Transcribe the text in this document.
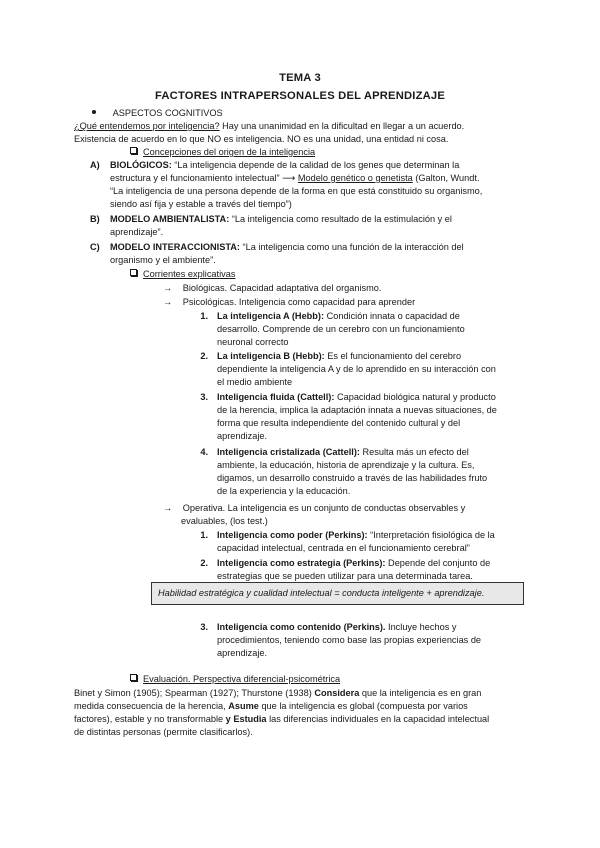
TEMA 3
FACTORES INTRAPERSONALES DEL APRENDIZAJE
ASPECTOS COGNITIVOS
¿Qué entendemos por inteligencia? Hay una unanimidad en la dificultad en llegar a un acuerdo.
Existencia de acuerdo en lo que NO es inteligencia. NO es una unidad, una entidad ni cosa.
Concepciones del origen de la inteligencia
A) BIOLÓGICOS: “La inteligencia depende de la calidad de los genes que determinan la
estructura y el funcionamiento intelectual” ⟶ Modelo genético o genetista (Galton, Wundt.
“La inteligencia de una persona depende de la forma en que está constituido su organismo,
siendo así fija y estable a través del tiempo”)
B) MODELO AMBIENTALISTA: “La inteligencia como resultado de la estimulación y el
aprendizaje”.
C) MODELO INTERACCIONISTA: “La inteligencia como una función de la interacción del
organismo y el ambiente”.
Corrientes explicativas
→ Biológicas. Capacidad adaptativa del organismo.
→ Psicológicas. Inteligencia como capacidad para aprender
1. La inteligencia A (Hebb): Condición innata o capacidad de
desarrollo. Comprende de un cerebro con un funcionamiento
neuronal correcto
2. La inteligencia B (Hebb): Es el funcionamiento del cerebro
dependiente la inteligencia A y de lo aprendido en su interacción con
el medio ambiente
3. Inteligencia fluida (Cattell): Capacidad biológica natural y producto
de la herencia, implica la adaptación innata a nuevas situaciones, de
forma que resulta independiente del contenido cultural y del
aprendizaje.
4. Inteligencia cristalizada (Cattell): Resulta más un efecto del
ambiente, la educación, historia de aprendizaje y la cultura. Es,
digamos, un desarrollo construido a través de las habilidades fruto
de la experiencia y la educación.
→ Operativa. La inteligencia es un conjunto de conductas observables y
evaluables, (los test.)
1. Inteligencia como poder (Perkins): “Interpretación fisiológica de la
capacidad intelectual, centrada en el funcionamiento cerebral”
2. Inteligencia como estrategia (Perkins): Depende del conjunto de
estrategias que se pueden utilizar para una determinada tarea.
Habilidad estratégica y cualidad intelectual = conducta inteligente + aprendizaje.
3. Inteligencia como contenido (Perkins). Incluye hechos y
procedimientos, teniendo como base las propias experiencias de
aprendizaje.
Evaluación. Perspectiva diferencial-psicométrica
Binet y Simon (1905); Spearman (1927); Thurstone (1938) Considera que la inteligencia es en gran
medida consecuencia de la herencia, Asume que la inteligencia es global (compuesta por varios
factores), estable y no transformable y Estudia las diferencias individuales en la capacidad intelectual
de distintas personas (permite clasificarlos).
